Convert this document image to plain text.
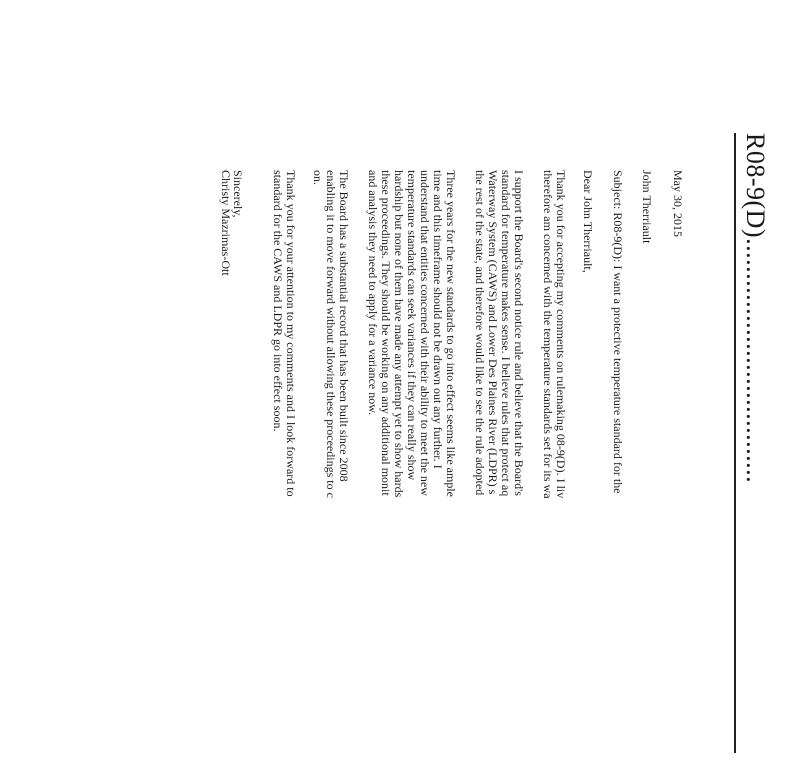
R08-9(D)...................................
May 30, 2015
John Therriault
Subject: R08-9(D): I want a protective temperature standard for the
Dear John Therriault,
Thank you for accepting my comments on rulemaking 08-9(D). I liv
therefore am concerned with the temperature standards set for its wa
I support the Board's second notice rule and believe that the Board's
standard for temperature makes sense. I believe rules that protect aq
Waterway System (CAWS) and Lower Des Plaines River (LDPR) s
the rest of the state, and therefore would like to see the rule adopted
Three years for the new standards to go into effect seems like ample
time and this timeframe should not be drawn out any further. I
understand that entities concerned with their ability to meet the new
temperature standards can seek variances if they can really show
hardship but none of them have made any attempt yet to show hards
these proceedings. They should be working on any additional monit
and analysis they need to apply for a variance now.
The Board has a substantial record that has been built since 2008
enabling it to move forward without allowing these proceedings to c
on.
Thank you for your attention to my comments and I look forward to
standard for the CAWS and LDPR go into effect soon.
Sincerely,
Christy Mazrimas-Ott
